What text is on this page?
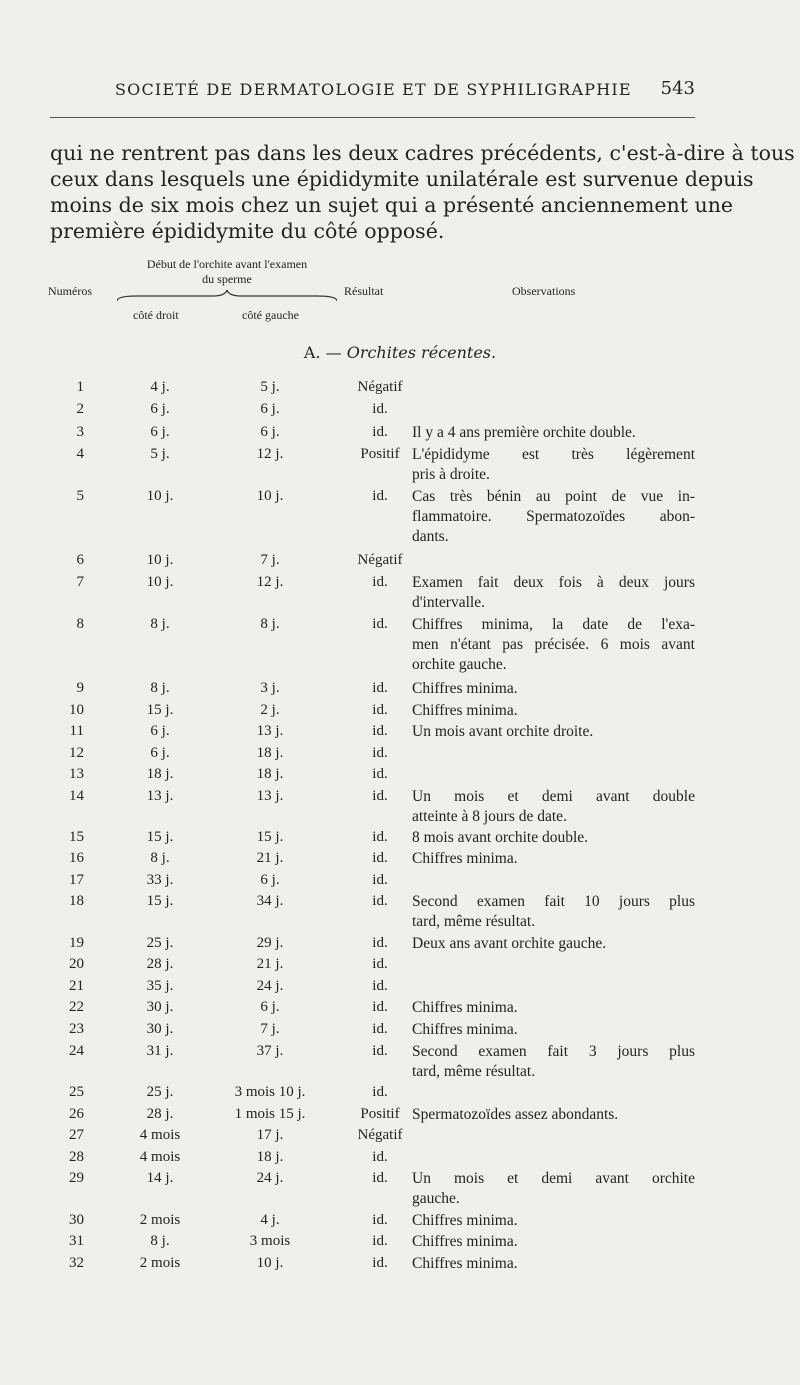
SOCIETÉ DE DERMATOLOGIE ET DE SYPHILIGRAPHIE 543
qui ne rentrent pas dans les deux cadres précédents, c'est-à-dire à tous
ceux dans lesquels une épididymite unilatérale est survenue depuis
moins de six mois chez un sujet qui a présenté anciennement une
première épididymite du côté opposé.
Numéros
Début de l'orchite avant l'examen
du sperme
côté droit	côté gauche
Résultat	Observations
A. — Orchites récentes.
1	4 j.	5 j.	Négatif
2	6 j.	6 j.	id.
3	6 j.	6 j.	id.	Il y a 4 ans première orchite double.
4	5 j.	12 j.	Positif L'épididyme est très légèrement
pris à droite.
5	10 j.	10 j.	id.	Cas très bénin au point de vue in-
flammatoire. Spermatozoïdes abon-
dants.
6	10 j.	7 j.	Négatif
7	10 j.	12 j.	id.	Examen fait deux fois à deux jours
d'intervalle.
8	8 j.	8 j.	id.	Chiffres minima, la date de l'exa-
men n'étant pas précisée. 6 mois avant
orchite gauche.
9	8 j.	3 j.	id.	Chiffres minima.
10	15 j.	2 j.	id.	Chiffres minima.
11	6 j.	13 j.	id.	Un mois avant orchite droite.
12	6 j.	18 j.	id.
13	18 j.	18 j.	id.
14	13 j.	13 j.	id.	Un mois et demi avant double
atteinte à 8 jours de date.
15	15 j.	15 j.	id.	8 mois avant orchite double.
16	8 j.	21 j.	id.	Chiffres minima.
17	33 j.	6 j.	id.
18	15 j.	34 j.	id.	Second examen fait 10 jours plus
tard, même résultat.
19	25 j.	29 j.	id.	Deux ans avant orchite gauche.
20	28 j.	21 j.	id.
21	35 j.	24 j.	id.
22	30 j.	6 j.	id.	Chiffres minima.
23	30 j.	7 j.	id.	Chiffres minima.
24	31 j.	37 j.	id.	Second examen fait 3 jours plus
tard, même résultat.
25	25 j.	3 mois 10 j.	id.
26	28 j.	1 mois 15 j.	Positif Spermatozoïdes assez abondants.
27	4 mois	17 j.	Négatif
28	4 mois	18 j.	id.
29	14 j.	24 j.	id.	Un mois et demi avant orchite
gauche.
30	2 mois	4 j.	id.	Chiffres minima.
31	8 j.	3 mois	id.	Chiffres minima.
32	2 mois	10 j.	id.	Chiffres minima.
